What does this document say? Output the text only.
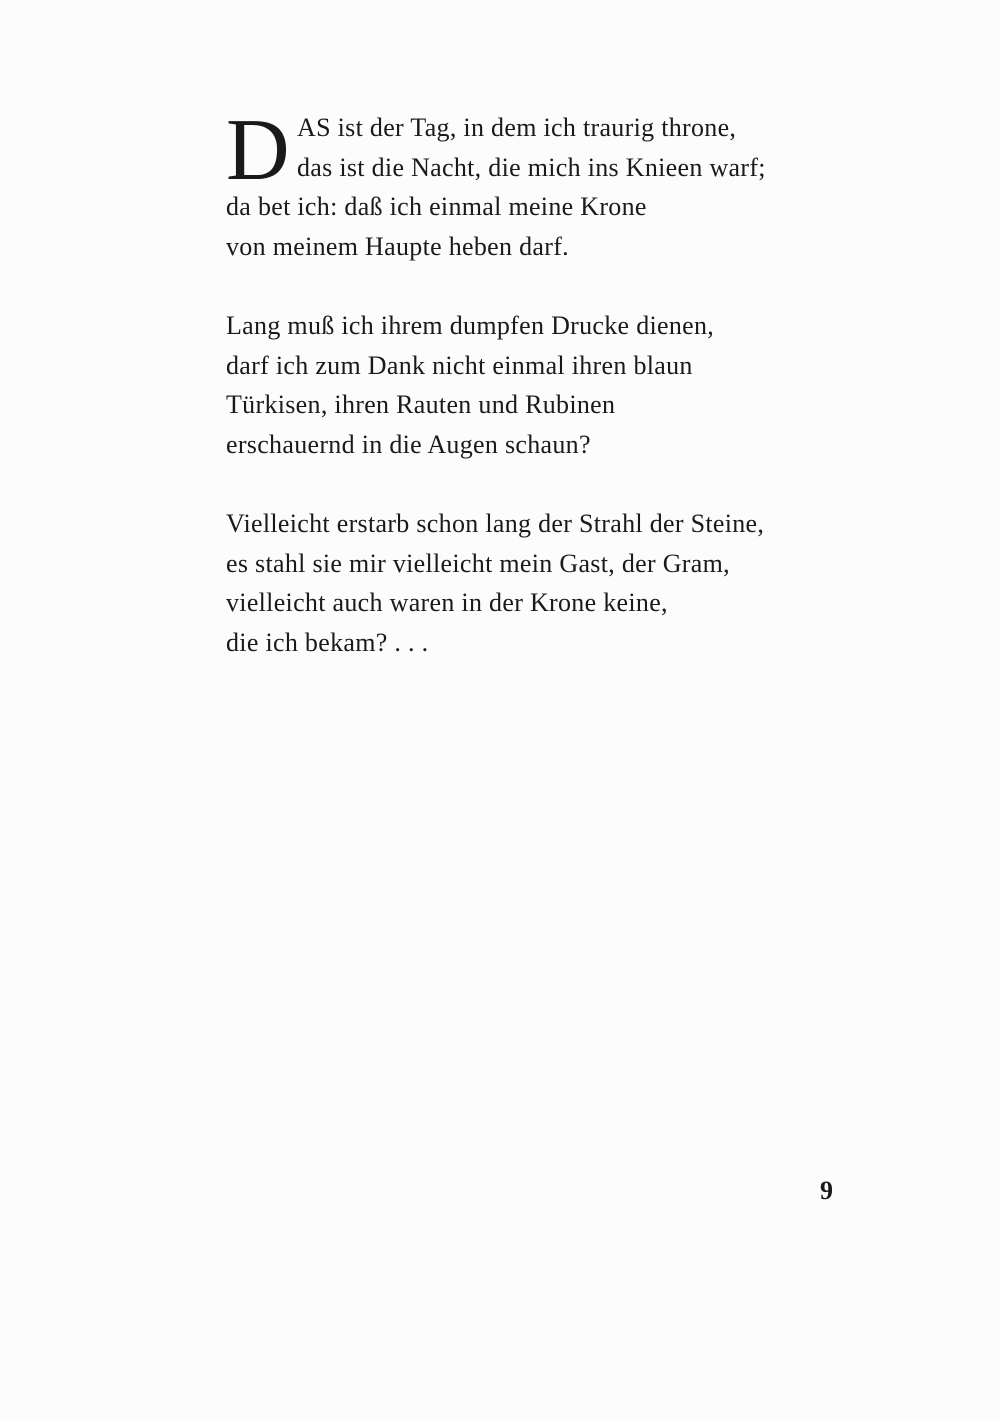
D AS ist der Tag, in dem ich traurig throne,
das ist die Nacht, die mich ins Knieen warf;
da bet ich: daß ich einmal meine Krone
von meinem Haupte heben darf.
Lang muß ich ihrem dumpfen Drucke dienen,
darf ich zum Dank nicht einmal ihren blaun
Türkisen, ihren Rauten und Rubinen
erschauernd in die Augen schaun?
Vielleicht erstarb schon lang der Strahl der Steine,
es stahl sie mir vielleicht mein Gast, der Gram,
vielleicht auch waren in der Krone keine,
die ich bekam? . . .
9
